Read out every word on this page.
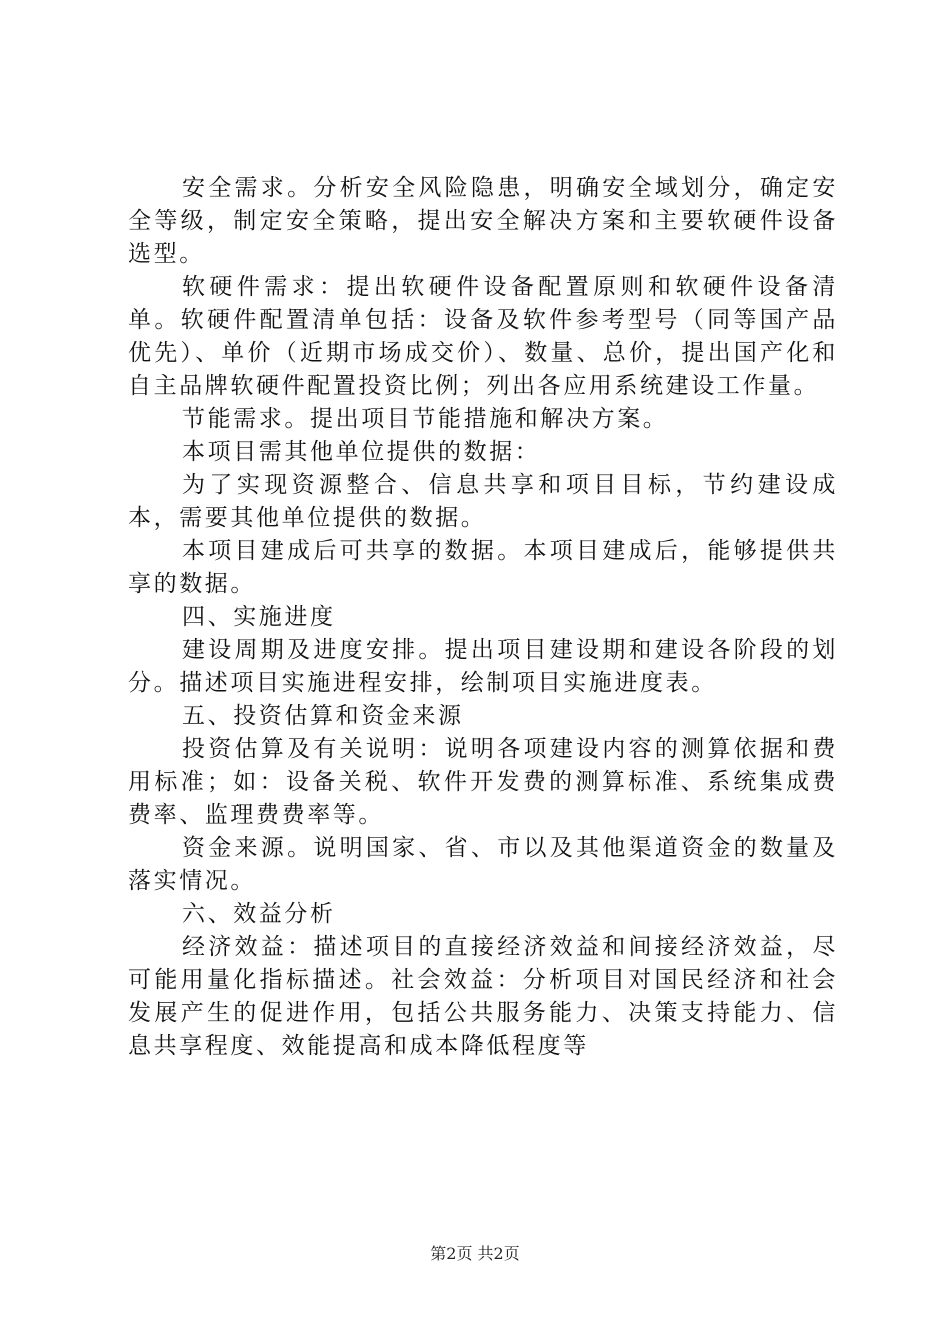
安全需求。分析安全风险隐患，明确安全域划分，确定安全等级，制定安全策略，提出安全解决方案和主要软硬件设备选型。

软硬件需求：提出软硬件设备配置原则和软硬件设备清单。软硬件配置清单包括：设备及软件参考型号（同等国产品优先）、单价（近期市场成交价）、数量、总价，提出国产化和自主品牌软硬件配置投资比例；列出各应用系统建设工作量。

节能需求。提出项目节能措施和解决方案。

本项目需其他单位提供的数据：

为了实现资源整合、信息共享和项目目标，节约建设成本，需要其他单位提供的数据。

本项目建成后可共享的数据。本项目建成后，能够提供共享的数据。

四、实施进度

建设周期及进度安排。提出项目建设期和建设各阶段的划分。描述项目实施进程安排，绘制项目实施进度表。

五、投资估算和资金来源

投资估算及有关说明：说明各项建设内容的测算依据和费用标准；如：设备关税、软件开发费的测算标准、系统集成费费率、监理费费率等。

资金来源。说明国家、省、市以及其他渠道资金的数量及落实情况。

六、效益分析

经济效益：描述项目的直接经济效益和间接经济效益，尽可能用量化指标描述。社会效益：分析项目对国民经济和社会发展产生的促进作用，包括公共服务能力、决策支持能力、信息共享程度、效能提高和成本降低程度等

第2页 共2页
